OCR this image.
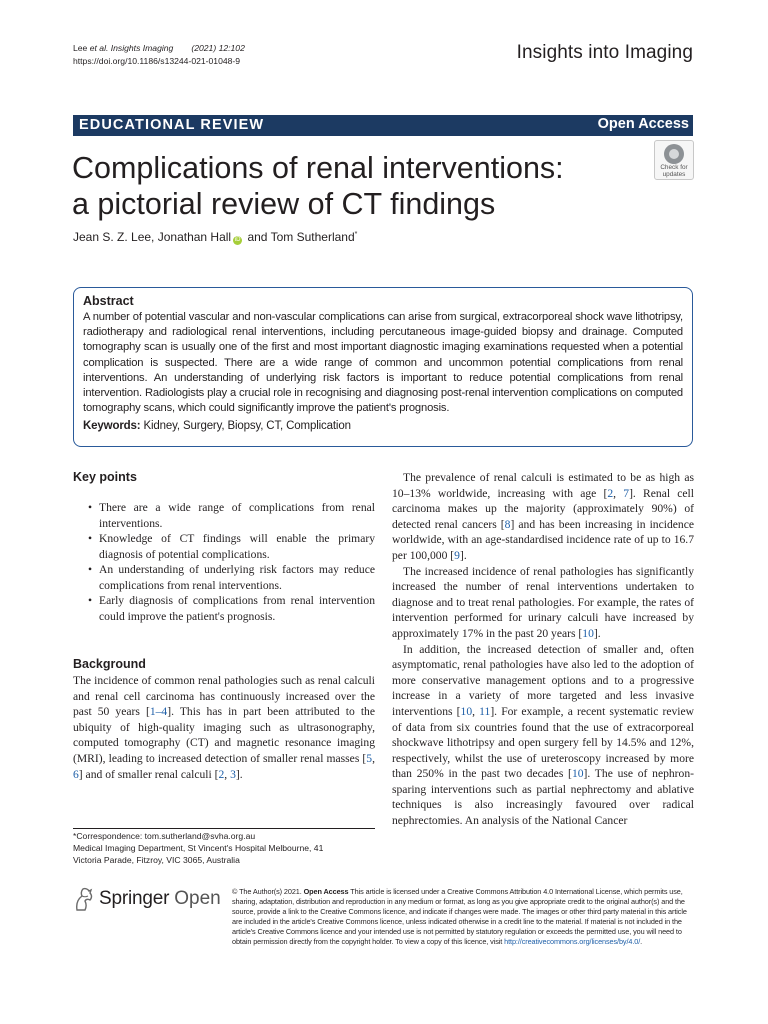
Lee et al. Insights Imaging (2021) 12:102
https://doi.org/10.1186/s13244-021-01048-9	Insights into Imaging
EDUCATIONAL REVIEW	Open Access
Complications of renal interventions:
a pictorial review of CT findings
Check for
updates
Jean S. Z. Lee, Jonathan Hall iD and Tom Sutherland*
Abstract

A number of potential vascular and non-vascular complications can arise from surgical, extracorporeal shock wave lithotripsy, radiotherapy and radiological renal interventions, including percutaneous image-guided biopsy and drainage. Computed tomography scan is usually one of the first and most important diagnostic imaging examinations requested when a potential complication is suspected. There are a wide range of common and uncommon potential complications from renal interventions. An understanding of underlying risk factors is important to reduce potential complications from renal intervention. Radiologists play a crucial role in recognising and diagnosing post-renal intervention complications on computed tomography scans, which could significantly improve the patient's prognosis.

Keywords: Kidney, Surgery, Biopsy, CT, Complication

Key points
• There are a wide range of complications from renal interventions.
• Knowledge of CT findings will enable the primary diagnosis of potential complications.
• An understanding of underlying risk factors may reduce complications from renal interventions.
• Early diagnosis of complications from renal intervention could improve the patient's prognosis.
Background

The incidence of common renal pathologies such as renal calculi and renal cell carcinoma has continuously increased over the past 50 years [1–4]. This has in part been attributed to the ubiquity of high-quality imaging such as ultrasonography, computed tomography (CT) and magnetic resonance imaging (MRI), leading to increased detection of smaller renal masses [5, 6] and of smaller renal calculi [2, 3].

*Correspondence: tom.sutherland@svha.org.au
Medical Imaging Department, St Vincent's Hospital Melbourne, 41
Victoria Parade, Fitzroy, VIC 3065, Australia

The prevalence of renal calculi is estimated to be as high as 10–13% worldwide, increasing with age [2, 7]. Renal cell carcinoma makes up the majority (approximately 90%) of detected renal cancers [8] and has been increasing in incidence worldwide, with an age-standardised incidence rate of up to 16.7 per 100,000 [9].

The increased incidence of renal pathologies has significantly increased the number of renal interventions undertaken to diagnose and to treat renal pathologies. For example, the rates of intervention performed for urinary calculi have increased by approximately 17% in the past 20 years [10].

In addition, the increased detection of smaller and, often asymptomatic, renal pathologies have also led to the adoption of more conservative management options and to a progressive increase in a variety of more targeted and less invasive interventions [10, 11]. For example, a recent systematic review of data from six countries found that the use of extracorporeal shockwave lithotripsy and open surgery fell by 14.5% and 12%, respectively, whilst the use of ureteroscopy increased by more than 250% in the past two decades [10]. The use of nephron-sparing interventions such as partial nephrectomy and ablative techniques is also increasingly favoured over radical nephrectomies. An analysis of the National Cancer

Springer Open © The Author(s) 2021. Open Access This article is licensed under a Creative Commons Attribution 4.0 International License, which permits use, sharing, adaptation, distribution and reproduction in any medium or format, as long as you give appropriate credit to the original author(s) and the source, provide a link to the Creative Commons licence, and indicate if changes were made. The images or other third party material in this article are included in the article's Creative Commons licence, unless indicated otherwise in a credit line to the material. If material is not included in the article's Creative Commons licence and your intended use is not permitted by statutory regulation or exceeds the permitted use, you will need to obtain permission directly from the copyright holder. To view a copy of this licence, visit http://creativecommons.org/licenses/by/4.0/.
